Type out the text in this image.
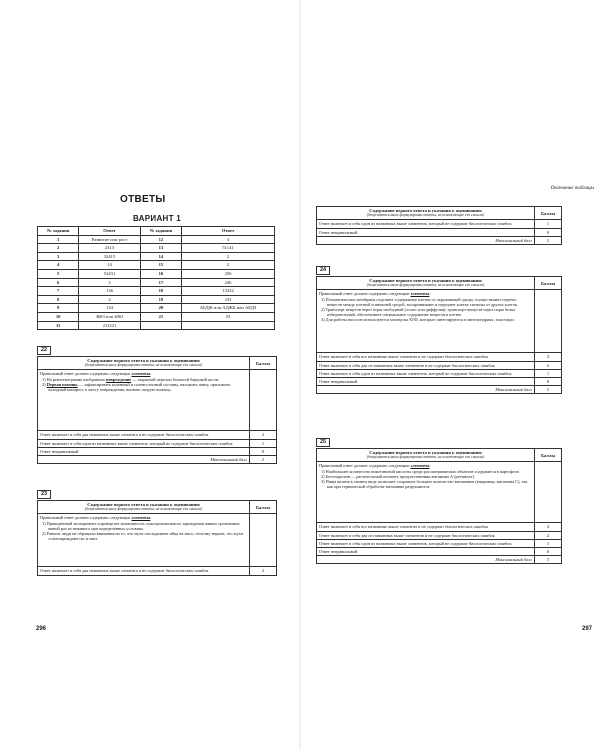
ОТВЕТЫ
ВАРИАНТ 1
№ задания	Ответ	№ задания	Ответ
1	Развитие или рост	12	3
2	2413	13	51141
3	32415	14	2
4	14	15	2
5	52431	16	256
6	3	17	246
7	136	18	13322
8	4	19	235
9	134	20	АБДЖ или АДЖБ или АБДЗ
10	4683 или 4863	21	23
11	211221		
22
Содержание верного ответа и указания к оцениванию
(допускаются иные формулировки ответа, не искажающие его смысла)	Баллы

Правильный ответ должен содержать следующие элементы:
1) На рентгенограмме изображено повреждение — закрытый перелом большой берцовой кости.
2) Первая помощь — зафиксировать коленный и голеностопный суставы, наложить шину, приложить холодный компресс к месту повреждения, вызвать скорую помощь.	

Ответ включает в себя два названных выше элемента и не содержит биологических ошибок	2
Ответ включает в себя один из названных выше элементов, который не содержит биологических ошибок	1
Ответ неправильный	0
Максимальный балл	2
23
Содержание верного ответа и указания к оцениванию
(допускаются иные формулировки ответа, не искажающие его смысла)	Баллы

Правильный ответ должен содержать следующие элементы:
1) Приведённый эксперимент опровергает возможность самопроизвольного зарождения живых организмов живой раз из неживого при определённых условиях.
2) Раньше люди не обращали внимания на то, что мухи откладывают яйца на мясо, поэтому верили, что мухи «самозарождаются» в мясе	

Ответ включает в себя два названных выше элемента и не содержит биологических ошибок	2
296
Окончание таблицы
Содержание верного ответа и указания к оцениванию
(допускаются иные формулировки ответа, не искажающие его смысла)	Баллы
Ответ включает в себя один из названных выше элементов, который не содержит биологических ошибок	1
Ответ неправильный	0
Максимальный балл	2
24
Содержание верного ответа и указания к оцениванию
(допускаются иные формулировки ответа, не искажающие его смысла)	Баллы

Правильный ответ должен содержать следующие элементы:
1) Плазматические мембраны отделяют содержимое клетки от окружающей среды, осуществляют перенос веществ между клеткой и внешней средой, воспринимают и передают клетке сигналы от других клеток.
2) Транспорт веществ через поры свободный (осмос или диффузия); транспорт веществ через поры белка избирательный, обеспечивает оптимальное содержание веществ в клетке.
3) Для работы насосов используются молекулы АТФ, которые синтезируются в митохондриях, пластидах	

Ответ включает в себя все названные выше элементы и не содержит биологических ошибок	3
Ответ включает в себя два из названных выше элементов и не содержит биологических ошибок	2
Ответ включает в себя один из названных выше элементов, который не содержит биологических ошибок	1
Ответ неправильный	0
Максимальный балл	3
25
Содержание верного ответа и указания к оцениванию
(допускаются иные формулировки ответа, не искажающие его смысла)	Баллы

Правильный ответ должен содержать следующие элементы:
1) Наибольшее количество никотиновой кислоты среди рассматриваемых объектов содержится в картофеле.
2) Бета-каротин — растительный пигмент, предшественник витамина А (ретинола).
3) Пища велена в свежем виде позволяет сохранить большее количество витаминов (например, витамина C), так как при термической обработке витамины разрушаются	

Ответ включает в себя все названные выше элементы и не содержит биологических ошибок	3
Ответ включает в себя два из названных выше элементов и не содержит биологических ошибок	2
Ответ включает в себя один из названных выше элементов, который не содержит биологических ошибок	1
Ответ неправильный	0
Максимальный балл	3
297
